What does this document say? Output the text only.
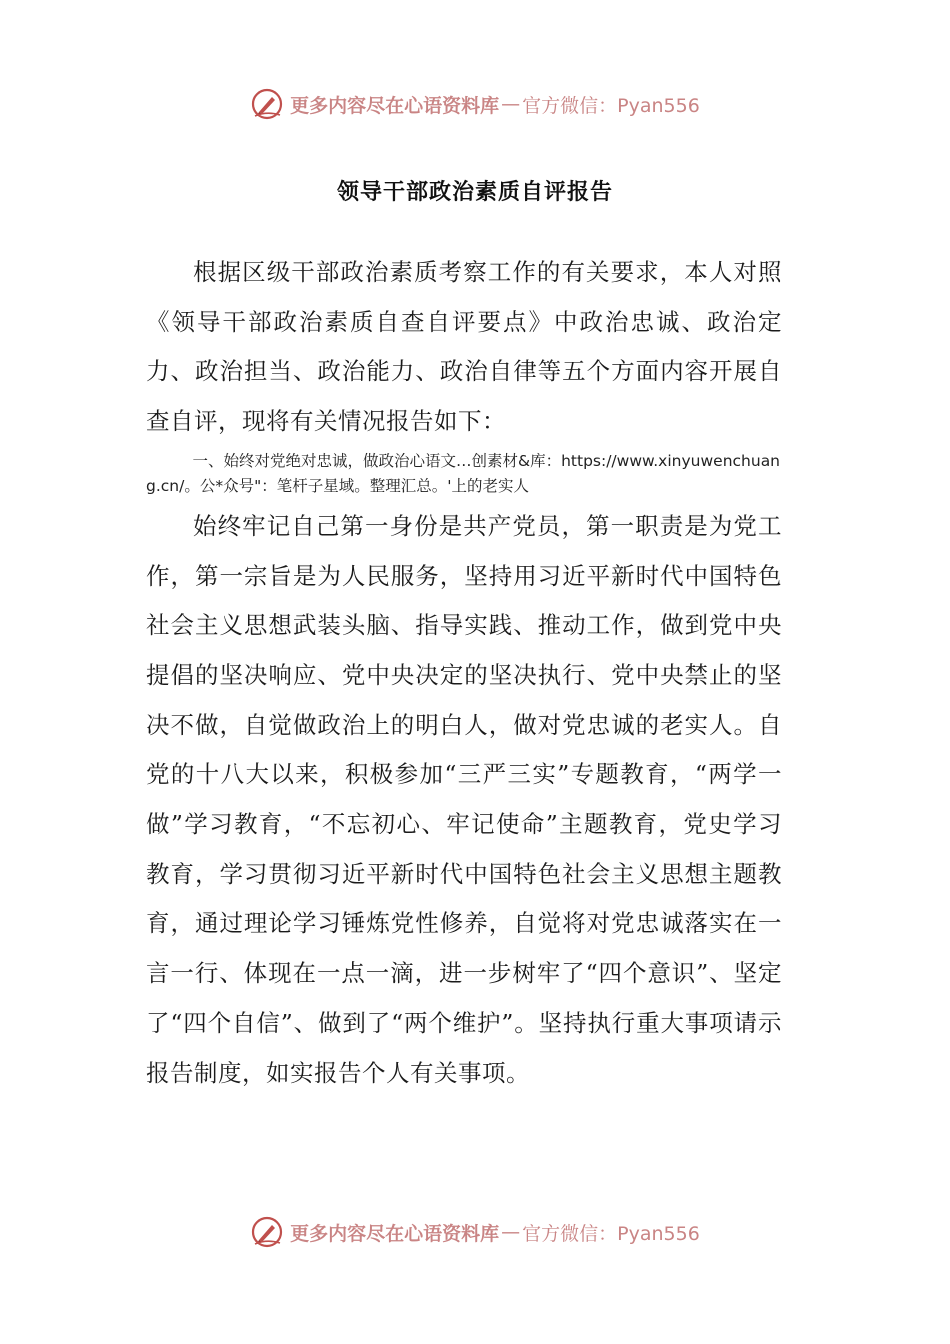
更多内容尽在心语资料库 — 官方微信：Pyan556
领导干部政治素质自评报告

根据区级干部政治素质考察工作的有关要求，本人对照《领导干部政治素质自查自评要点》中政治忠诚、政治定力、政治担当、政治能力、政治自律等五个方面内容开展自查自评，现将有关情况报告如下：

一、始终对党绝对忠诚，做政治心语文…创素材&库：https://www.xinyuwenchuang.cn/。公*众号"：笔杆子星域。整理汇总。'上的老实人

始终牢记自己第一身份是共产党员，第一职责是为党工作，第一宗旨是为人民服务，坚持用习近平新时代中国特色社会主义思想武装头脑、指导实践、推动工作，做到党中央提倡的坚决响应、党中央决定的坚决执行、党中央禁止的坚决不做，自觉做政治上的明白人，做对党忠诚的老实人。自党的十八大以来，积极参加“三严三实”专题教育，“两学一做”学习教育，“不忘初心、牢记使命”主题教育，党史学习教育，学习贯彻习近平新时代中国特色社会主义思想主题教育，通过理论学习锤炼党性修养，自觉将对党忠诚落实在一言一行、体现在一点一滴，进一步树牢了“四个意识”、坚定了“四个自信”、做到了“两个维护”。坚持执行重大事项请示报告制度，如实报告个人有关事项。

更多内容尽在心语资料库 — 官方微信：Pyan556
